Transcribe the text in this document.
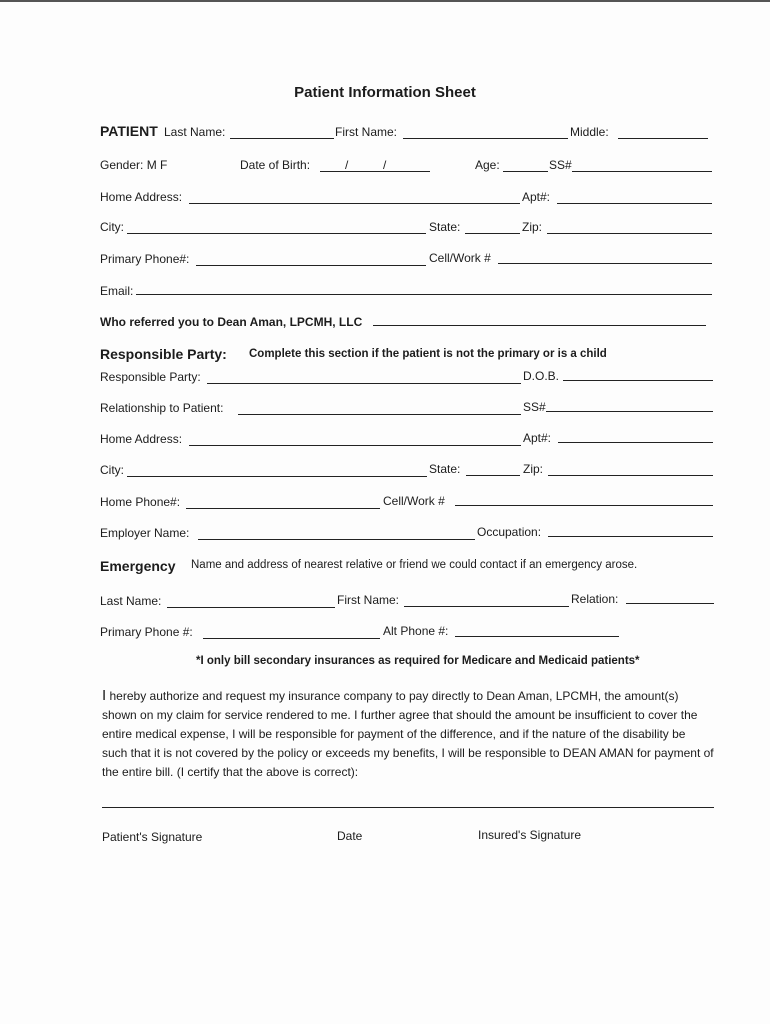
Patient Information Sheet
PATIENT Last Name:	First Name:	Middle:
Gender: M F	Date of Birth:	/	/	Age:	SS#
Home Address:	Apt#:
City:	State:	Zip:
Primary Phone#:	Cell/Work #
Email:
Who referred you to Dean Aman, LPCMH, LLC
Responsible Party: Complete this section if the patient is not the primary or is a child
Responsible Party:	D.O.B.
Relationship to Patient:	SS#
Home Address:	Apt#:
City:	State:	Zip:
Home Phone#:	Cell/Work #
Employer Name:	Occupation:
Emergency Name and address of nearest relative or friend we could contact if an emergency arose.
Last Name:	First Name:	Relation:
Primary Phone #:	Alt Phone #:
*I only bill secondary insurances as required for Medicare and Medicaid patients*
I hereby authorize and request my insurance company to pay directly to Dean Aman, LPCMH, the amount(s) shown on my claim for service rendered to me. I further agree that should the amount be insufficient to cover the entire medical expense, I will be responsible for payment of the difference, and if the nature of the disability be such that it is not covered by the policy or exceeds my benefits, I will be responsible to DEAN AMAN for payment of the entire bill. (I certify that the above is correct):
Patient's Signature	Date	Insured's Signature
